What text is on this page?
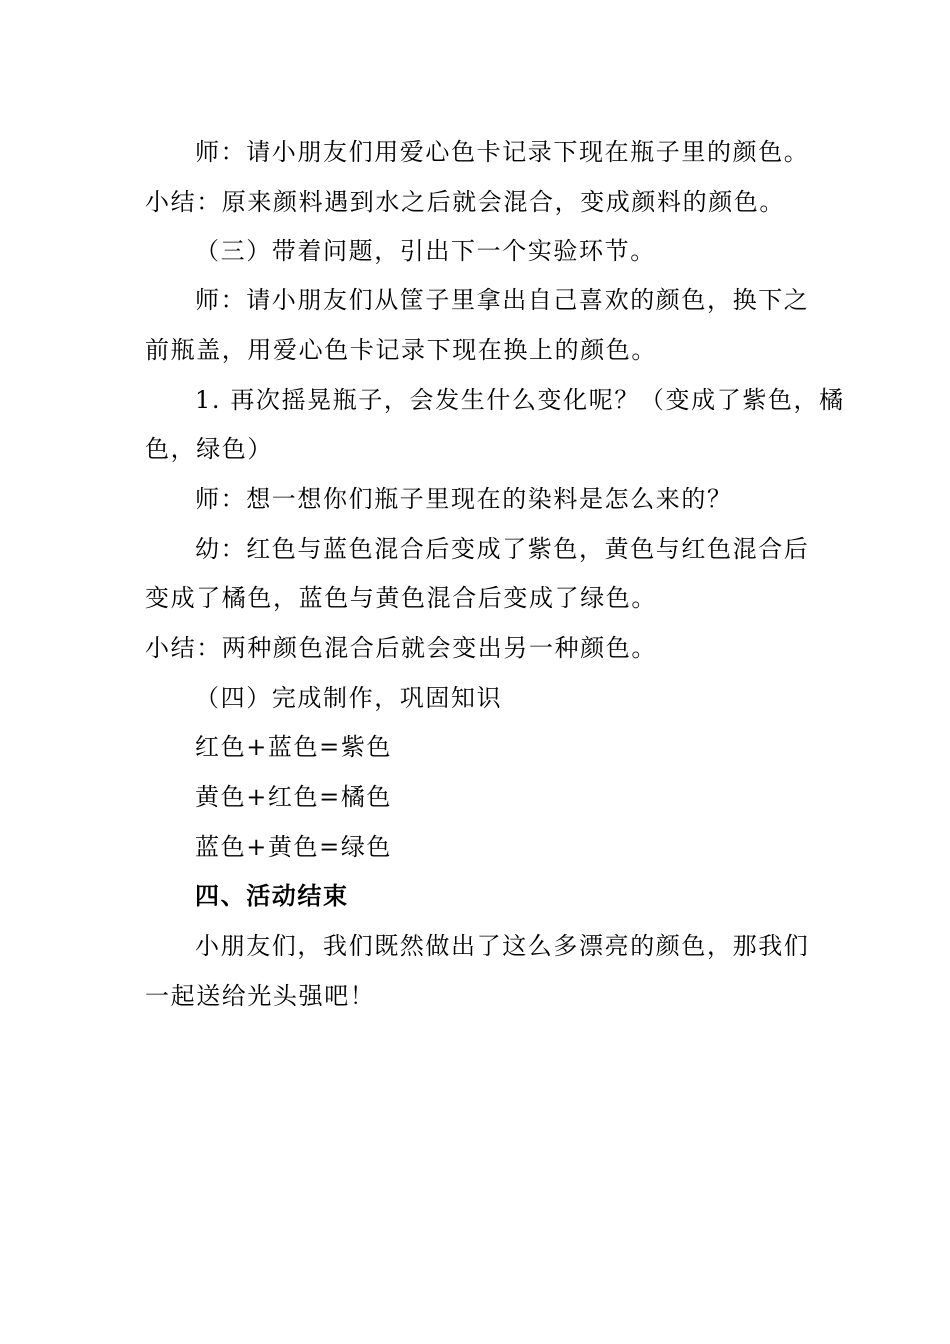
师：请小朋友们用爱心色卡记录下现在瓶子里的颜色。
小结：原来颜料遇到水之后就会混合，变成颜料的颜色。
（三）带着问题，引出下一个实验环节。
师：请小朋友们从筐子里拿出自己喜欢的颜色，换下之
前瓶盖，用爱心色卡记录下现在换上的颜色。
1. 再次摇晃瓶子，会发生什么变化呢？（变成了紫色，橘
色，绿色）
师：想一想你们瓶子里现在的染料是怎么来的？
幼：红色与蓝色混合后变成了紫色，黄色与红色混合后
变成了橘色，蓝色与黄色混合后变成了绿色。
小结：两种颜色混合后就会变出另一种颜色。
（四）完成制作，巩固知识
红色+蓝色=紫色
黄色+红色=橘色
蓝色+黄色=绿色
四、活动结束
小朋友们，我们既然做出了这么多漂亮的颜色，那我们
一起送给光头强吧！
